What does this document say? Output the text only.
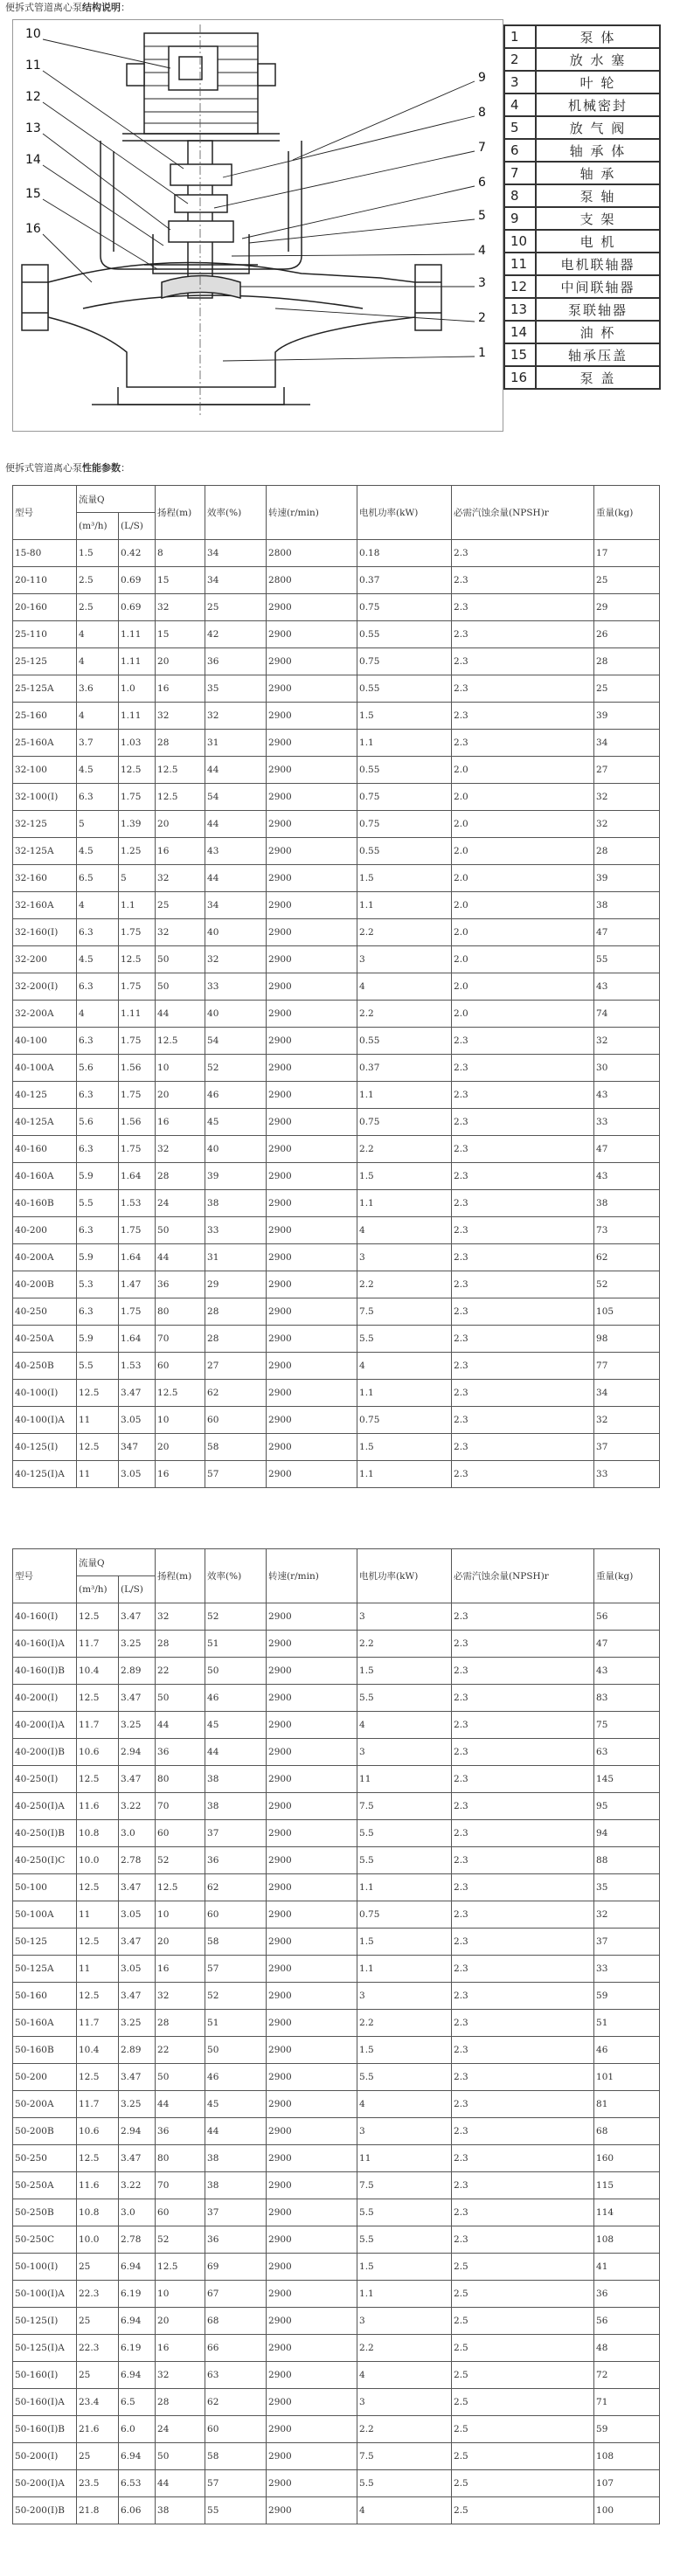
便拆式管道离心泵结构说明：
10
11
12
13
14
15
16
9
8
7
6
5
4
3
2
1
1	泵 体
2	放 水 塞
3	叶 轮
4	机械密封
5	放 气 阀
6	轴 承 体
7	轴 承
8	泵 轴
9	支 架
10	电 机
11	电机联轴器
12	中间联轴器
13	泵联轴器
14	油 杯
15	轴承压盖
16	泵 盖
便拆式管道离心泵性能参数：
型号	流量Q		扬程(m)	效率(%)	转速(r/min)	电机功率(kW)	必需汽蚀余量(NPSH)r	重量(kg)
	(m³/h)	(L/S)						
15-80	1.5	0.42	8	34	2800	0.18	2.3	17
20-110	2.5	0.69	15	34	2800	0.37	2.3	25
20-160	2.5	0.69	32	25	2900	0.75	2.3	29
25-110	4	1.11	15	42	2900	0.55	2.3	26
25-125	4	1.11	20	36	2900	0.75	2.3	28
25-125A	3.6	1.0	16	35	2900	0.55	2.3	25
25-160	4	1.11	32	32	2900	1.5	2.3	39
25-160A	3.7	1.03	28	31	2900	1.1	2.3	34
32-100	4.5	12.5	12.5	44	2900	0.55	2.0	27
32-100(I)	6.3	1.75	12.5	54	2900	0.75	2.0	32
32-125	5	1.39	20	44	2900	0.75	2.0	32
32-125A	4.5	1.25	16	43	2900	0.55	2.0	28
32-160	6.5	5	32	44	2900	1.5	2.0	39
32-160A	4	1.1	25	34	2900	1.1	2.0	38
32-160(I)	6.3	1.75	32	40	2900	2.2	2.0	47
32-200	4.5	12.5	50	32	2900	3	2.0	55
32-200(I)	6.3	1.75	50	33	2900	4	2.0	43
32-200A	4	1.11	44	40	2900	2.2	2.0	74
40-100	6.3	1.75	12.5	54	2900	0.55	2.3	32
40-100A	5.6	1.56	10	52	2900	0.37	2.3	30
40-125	6.3	1.75	20	46	2900	1.1	2.3	43
40-125A	5.6	1.56	16	45	2900	0.75	2.3	33
40-160	6.3	1.75	32	40	2900	2.2	2.3	47
40-160A	5.9	1.64	28	39	2900	1.5	2.3	43
40-160B	5.5	1.53	24	38	2900	1.1	2.3	38
40-200	6.3	1.75	50	33	2900	4	2.3	73
40-200A	5.9	1.64	44	31	2900	3	2.3	62
40-200B	5.3	1.47	36	29	2900	2.2	2.3	52
40-250	6.3	1.75	80	28	2900	7.5	2.3	105
40-250A	5.9	1.64	70	28	2900	5.5	2.3	98
40-250B	5.5	1.53	60	27	2900	4	2.3	77
40-100(I)	12.5	3.47	12.5	62	2900	1.1	2.3	34
40-100(I)A	11	3.05	10	60	2900	0.75	2.3	32
40-125(I)	12.5	347	20	58	2900	1.5	2.3	37
40-125(I)A	11	3.05	16	57	2900	1.1	2.3	33
型号	流量Q		扬程(m)	效率(%)	转速(r/min)	电机功率(kW)	必需汽蚀余量(NPSH)r	重量(kg)
	(m³/h)	(L/S)						
40-160(I)	12.5	3.47	32	52	2900	3	2.3	56
40-160(I)A	11.7	3.25	28	51	2900	2.2	2.3	47
40-160(I)B	10.4	2.89	22	50	2900	1.5	2.3	43
40-200(I)	12.5	3.47	50	46	2900	5.5	2.3	83
40-200(I)A	11.7	3.25	44	45	2900	4	2.3	75
40-200(I)B	10.6	2.94	36	44	2900	3	2.3	63
40-250(I)	12.5	3.47	80	38	2900	11	2.3	145
40-250(I)A	11.6	3.22	70	38	2900	7.5	2.3	95
40-250(I)B	10.8	3.0	60	37	2900	5.5	2.3	94
40-250(I)C	10.0	2.78	52	36	2900	5.5	2.3	88
50-100	12.5	3.47	12.5	62	2900	1.1	2.3	35
50-100A	11	3.05	10	60	2900	0.75	2.3	32
50-125	12.5	3.47	20	58	2900	1.5	2.3	37
50-125A	11	3.05	16	57	2900	1.1	2.3	33
50-160	12.5	3.47	32	52	2900	3	2.3	59
50-160A	11.7	3.25	28	51	2900	2.2	2.3	51
50-160B	10.4	2.89	22	50	2900	1.5	2.3	46
50-200	12.5	3.47	50	46	2900	5.5	2.3	101
50-200A	11.7	3.25	44	45	2900	4	2.3	81
50-200B	10.6	2.94	36	44	2900	3	2.3	68
50-250	12.5	3.47	80	38	2900	11	2.3	160
50-250A	11.6	3.22	70	38	2900	7.5	2.3	115
50-250B	10.8	3.0	60	37	2900	5.5	2.3	114
50-250C	10.0	2.78	52	36	2900	5.5	2.3	108
50-100(I)	25	6.94	12.5	69	2900	1.5	2.5	41
50-100(I)A	22.3	6.19	10	67	2900	1.1	2.5	36
50-125(I)	25	6.94	20	68	2900	3	2.5	56
50-125(I)A	22.3	6.19	16	66	2900	2.2	2.5	48
50-160(I)	25	6.94	32	63	2900	4	2.5	72
50-160(I)A	23.4	6.5	28	62	2900	3	2.5	71
50-160(I)B	21.6	6.0	24	60	2900	2.2	2.5	59
50-200(I)	25	6.94	50	58	2900	7.5	2.5	108
50-200(I)A	23.5	6.53	44	57	2900	5.5	2.5	107
50-200(I)B	21.8	6.06	38	55	2900	4	2.5	100
